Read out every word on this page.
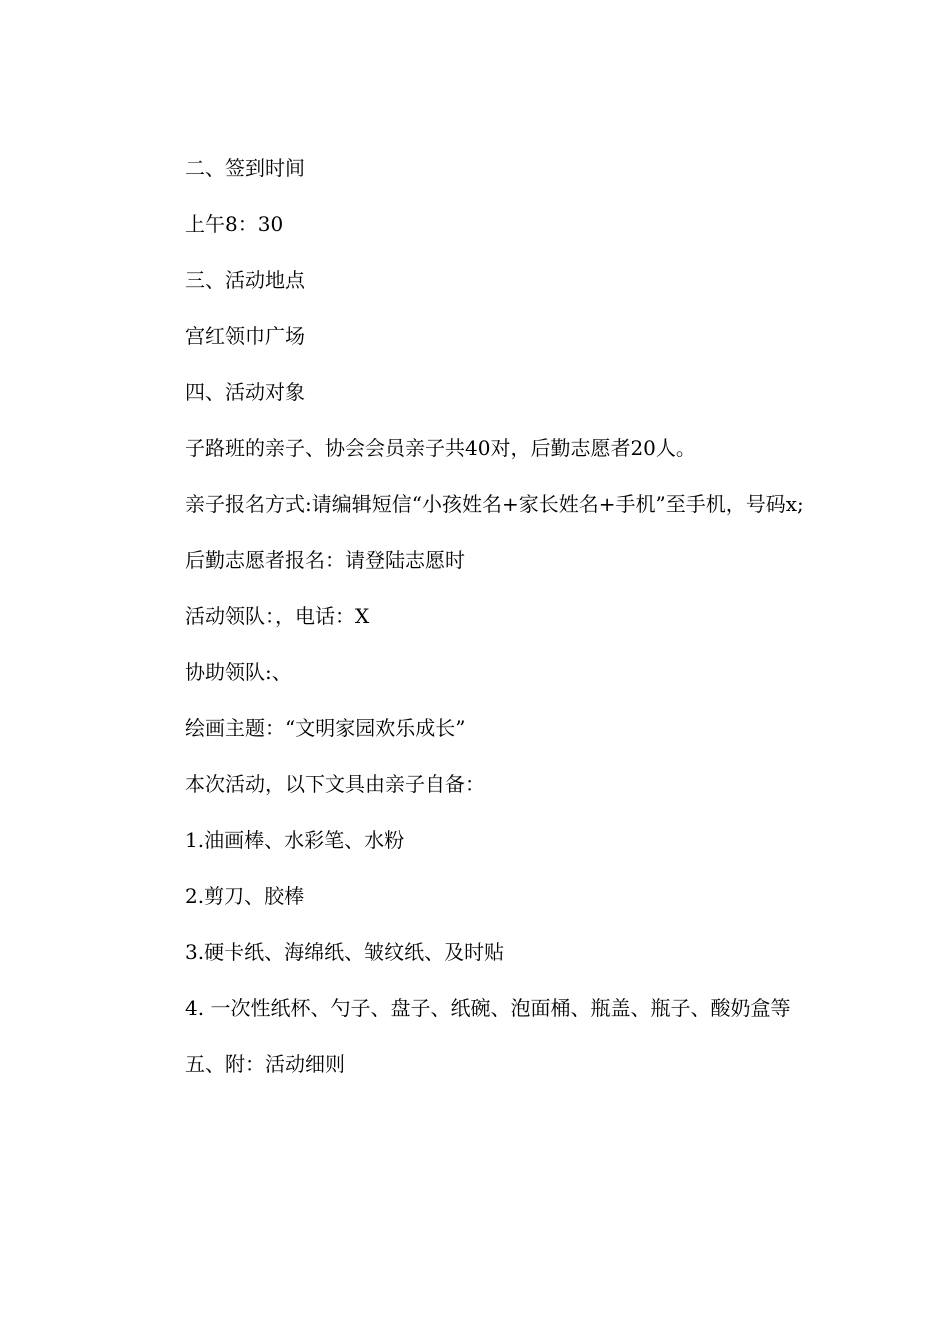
二、签到时间

上午8：30

三、活动地点

宫红领巾广场

四、活动对象

子路班的亲子、协会会员亲子共40对，后勤志愿者20人。

亲子报名方式:请编辑短信“小孩姓名+家长姓名+手机”至手机，号码x;

后勤志愿者报名：请登陆志愿时

活动领队：，电话：X

协助领队:、

绘画主题：“文明家园欢乐成长”

本次活动，以下文具由亲子自备：

1.油画棒、水彩笔、水粉

2.剪刀、胶棒

3.硬卡纸、海绵纸、皱纹纸、及时贴

4. 一次性纸杯、勺子、盘子、纸碗、泡面桶、瓶盖、瓶子、酸奶盒等

五、附：活动细则
